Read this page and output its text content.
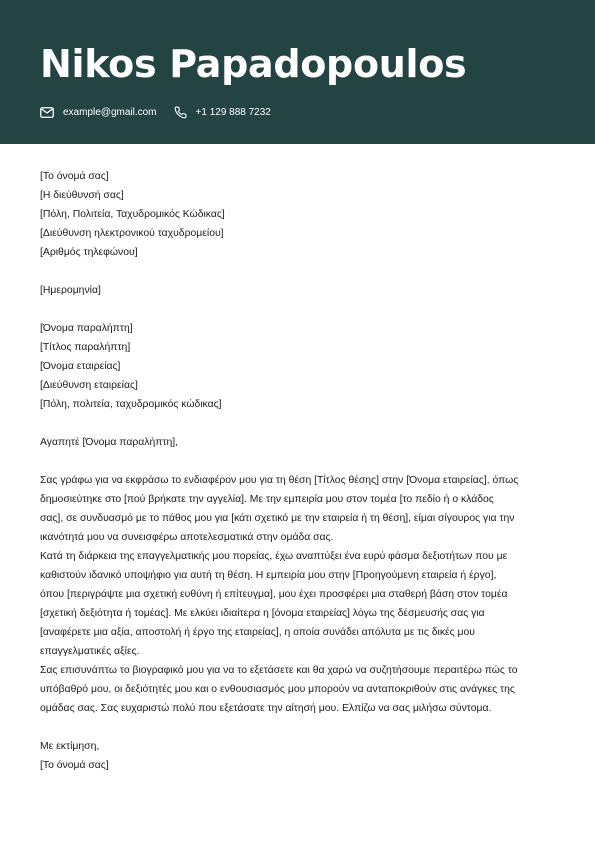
Nikos Papadopoulos
example@gmail.com	+1 129 888 7232
[Το όνομά σας]
[Η διεύθυνσή σας]
[Πόλη, Πολιτεία, Ταχυδρομικός Κώδικας]
[Διεύθυνση ηλεκτρονικού ταχυδρομείου]
[Αριθμός τηλεφώνου]
[Ημερομηνία]
[Όνομα παραλήπτη]
[Τίτλος παραλήπτη]
[Όνομα εταιρείας]
[Διεύθυνση εταιρείας]
[Πόλη, πολιτεία, ταχυδρομικός κώδικας]
Αγαπητέ [Όνομα παραλήπτη],
Σας γράφω για να εκφράσω το ενδιαφέρον μου για τη θέση [Τίτλος θέσης] στην [Όνομα εταιρείας], όπως
δημοσιεύτηκε στο [πού βρήκατε την αγγελία]. Με την εμπειρία μου στον τομέα [το πεδίο ή ο κλάδος
σας], σε συνδυασμό με το πάθος μου για [κάτι σχετικό με την εταιρεία ή τη θέση], είμαι σίγουρος για την
ικανότητά μου να συνεισφέρω αποτελεσματικά στην ομάδα σας.
Κατά τη διάρκεια της επαγγελματικής μου πορείας, έχω αναπτύξει ένα ευρύ φάσμα δεξιοτήτων που με
καθιστούν ιδανικό υποψήφιο για αυτή τη θέση. Η εμπειρία μου στην [Προηγούμενη εταιρεία ή έργο],
όπου [περιγράψτε μια σχετική ευθύνη ή επίτευγμα], μου έχει προσφέρει μια σταθερή βάση στον τομέα
[σχετική δεξιότητα ή τομέας]. Με ελκύει ιδιαίτερα η [όνομα εταιρείας] λόγω της δέσμευσής σας για
[αναφέρετε μια αξία, αποστολή ή έργο της εταιρείας], η οποία συνάδει απόλυτα με τις δικές μου
επαγγελματικές αξίες.
Σας επισυνάπτω το βιογραφικό μου για να το εξετάσετε και θα χαρώ να συζητήσουμε περαιτέρω πώς το
υπόβαθρό μου, οι δεξιότητές μου και ο ενθουσιασμός μου μπορούν να ανταποκριθούν στις ανάγκες της
ομάδας σας. Σας ευχαριστώ πολύ που εξετάσατε την αίτησή μου. Ελπίζω να σας μιλήσω σύντομα.
Με εκτίμηση,
[Το όνομά σας]
